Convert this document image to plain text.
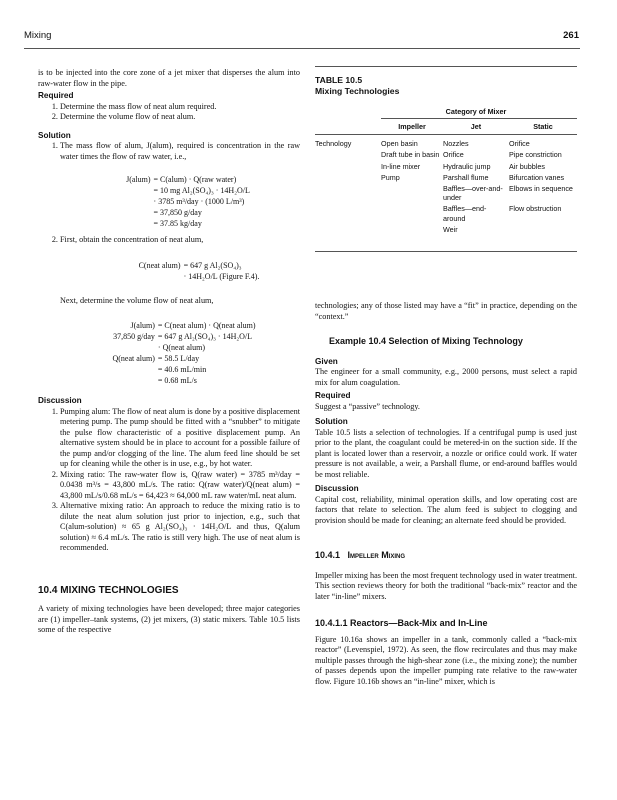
Mixing	261

is to be injected into the core zone of a jet mixer that disperses the alum into raw-water flow in the pipe.

Required

1. Determine the mass flow of neat alum required.
2. Determine the volume flow of neat alum.

Solution

1. The mass flow of alum, J(alum), required is concentration in the raw water times the flow of raw water, i.e.,
J(alum) = C(alum) · Q(raw water)
= 10 mg Al₂(SO₄)₃ · 14H₂O/L
· 3785 m³/day · (1000 L/m³)
= 37,850 g/day
= 37.85 kg/day
2. First, obtain the concentration of neat alum,
C(neat alum) = 647 g Al₂(SO₄)₃
· 14H₂O/L (Figure F.4).

Next, determine the volume flow of neat alum,

J(alum) = C(neat alum) · Q(neat alum)
37,850 g/day = 647 g Al₂(SO₄)₃ · 14H₂O/L
· Q(neat alum)
Q(neat alum) = 58.5 L/day
= 40.6 mL/min
= 0.68 mL/s

Discussion

1. Pumping alum: The flow of neat alum is done by a positive displacement metering pump. The pump should be fitted with a “snubber” to mitigate the pulse flow characteristic of a positive displacement pump. An alternative system should be in place to account for a possible failure of the pump and/or clogging of the line. The alum feed line should be set up for cleaning while the other is in use, e.g., by hot water.
2. Mixing ratio: The raw-water flow is, Q(raw water) = 3785 m³/day = 0.0438 m³/s = 43,800 mL/s. The ratio: Q(raw water)/Q(neat alum) = 43,800 mL/s/0.68 mL/s = 64,423 ≈ 64,000 mL raw water/mL neat alum.
3. Alternative mixing ratio: An approach to reduce the mixing ratio is to dilute the neat alum solution just prior to injection, e.g., such that C(alum-solution) ≈ 65 g Al₂(SO₄)₃ · 14H₂O/L and thus, Q(alum solution) ≈ 6.4 mL/s. The ratio is still very high. The use of neat alum is recommended.

10.4 MIXING TECHNOLOGIES

A variety of mixing technologies have been developed; three major categories are (1) impeller–tank systems, (2) jet mixers, (3) static mixers. Table 10.5 lists some of the respective

TABLE 10.5
Mixing Technologies
Category of Mixer
	Impeller	Jet	Static
Technology	Open basin	Nozzles	Orifice
	Draft tube in basin	Orifice	Pipe constriction
	In-line mixer	Hydraulic jump	Air bubbles
	Pump	Parshall flume	Bifurcation vanes
		Baffles—over-and-under	Elbows in sequence
		Baffles—end-around	Flow obstruction
		Weir	

technologies; any of those listed may have a “fit” in practice, depending on the “context.”

Example 10.4 Selection of Mixing Technology

Given

The engineer for a small community, e.g., 2000 persons, must select a rapid mix for alum coagulation.

Required

Suggest a “passive” technology.

Solution

Table 10.5 lists a selection of technologies. If a centrifugal pump is used just prior to the plant, the coagulant could be metered-in on the suction side. If the plant is located lower than a reservoir, a nozzle or orifice could work. If water pressure is not available, a weir, a Parshall flume, or end-around baffles would be most reliable.

Discussion

Capital cost, reliability, minimal operation skills, and low operating cost are factors that relate to selection. The alum feed is subject to clogging and provision should be made for cleaning; an alternate feed should be provided.

10.4.1 Impeller Mixing

Impeller mixing has been the most frequent technology used in water treatment. This section reviews theory for both the traditional “back-mix” reactor and the later “in-line” mixers.

10.4.1.1 Reactors—Back-Mix and In-Line

Figure 10.16a shows an impeller in a tank, commonly called a “back-mix reactor” (Levenspiel, 1972). As seen, the flow recirculates and thus may make multiple passes through the high-shear zone (i.e., the mixing zone); the number of passes depends upon the impeller pumping rate relative to the raw-water flow. Figure 10.16b shows an “in-line” mixer, which is
